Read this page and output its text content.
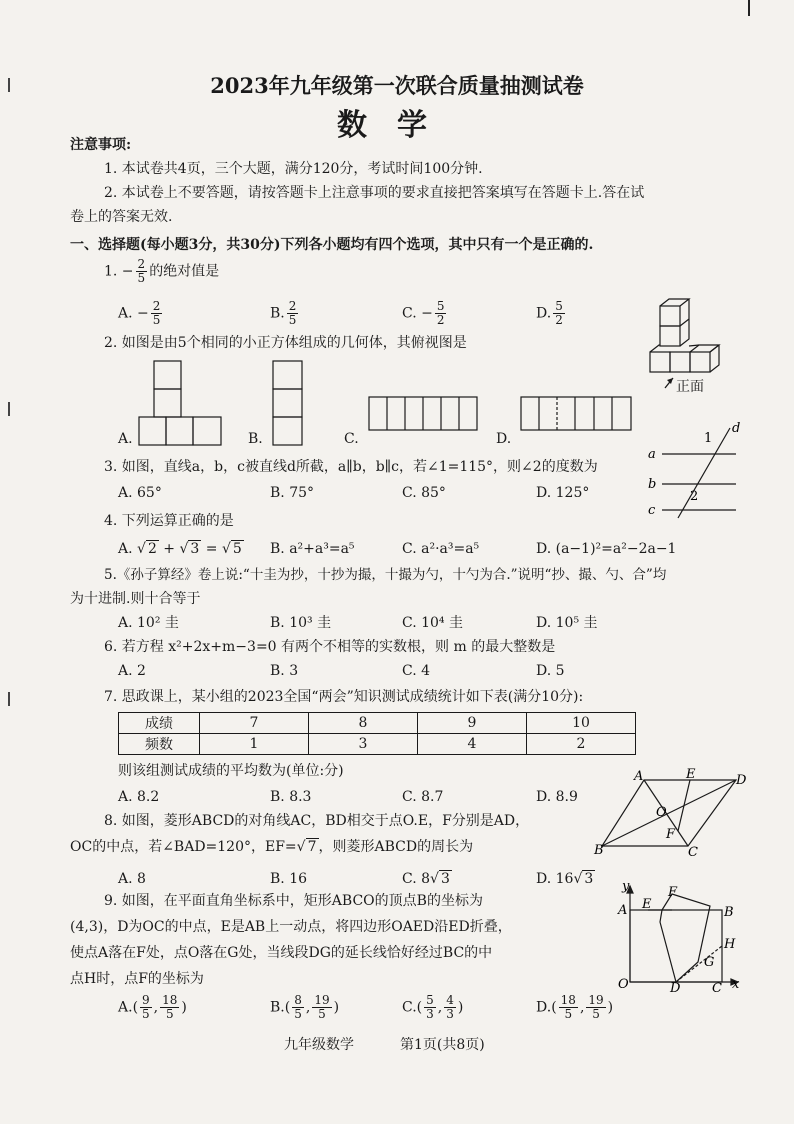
2023年九年级第一次联合质量抽测试卷
数学
注意事项:
1. 本试卷共4页，三个大题，满分120分，考试时间100分钟.
2. 本试卷上不要答题，请按答题卡上注意事项的要求直接把答案填写在答题卡上.答在试
卷上的答案无效.
一、选择题(每小题3分，共30分)下列各小题均有四个选项，其中只有一个是正确的.
1. − $\frac{2}{5}$ 的绝对值是
A. − $\frac{2}{5}$	B. $\frac{2}{5}$	C. − $\frac{5}{2}$	D. $\frac{5}{2}$
2. 如图是由5个相同的小正方体组成的几何体，其俯视图是
正面
A.	B.	C.	D.
3. 如图，直线a，b，c被直线d所截，a∥b，b∥c，若∠1=115°，则∠2的度数为
A. 65°	B. 75°	C. 85°	D. 125°
a
b
c
d
1
2
4. 下列运算正确的是
A. √ 2 + √ 3 = √ 5 B. a²+a³=a⁵	C. a²·a³=a⁵	D. (a−1)²=a²−2a−1
5.《孙子算经》卷上说:“十圭为抄，十抄为撮，十撮为勺，十勺为合.”说明“抄、撮、勺、合”均
为十进制.则十合等于
A. 10² 圭	B. 10³ 圭	C. 10⁴ 圭	D. 10⁵ 圭
6. 若方程 x²+2x+m−3=0 有两个不相等的实数根，则 m 的最大整数是
A. 2	B. 3	C. 4	D. 5
7. 思政课上，某小组的2023全国“两会”知识测试成绩统计如下表(满分10分):
成绩	7	8	9	10
频数	1	3	4	2
则该组测试成绩的平均数为(单位:分)
A. 8.2	B. 8.3	C. 8.7	D. 8.9
A	E	D
O
F
B	C
8. 如图，菱形ABCD的对角线AC，BD相交于点O.E，F分别是AD，
OC的中点，若∠BAD=120°，EF=√ 7 ，则菱形ABCD的周长为
A. 8	B. 16	C. 8√ 3	D. 16√ 3
9. 如图，在平面直角坐标系中，矩形ABCO的顶点B的坐标为
(4,3)，D为OC的中点，E是AB上一动点，将四边形OAED沿ED折叠，
使点A落在F处，点O落在G处，当线段DG的延长线恰好经过BC的中
点H时，点F的坐标为
$A.( \frac{9}{5}$ , $\frac{18}{5}$ )	$B.( \frac{8}{5}$ , $\frac{19}{5}$ )	$C.( \frac{5}{3}$ , $\frac{4}{3}$ )	$D.( \frac{18}{5}$ , $\frac{19}{5}$ )
y
x
A E
F
B
H
G
O	D C
九年级数学	第1页(共8页)
